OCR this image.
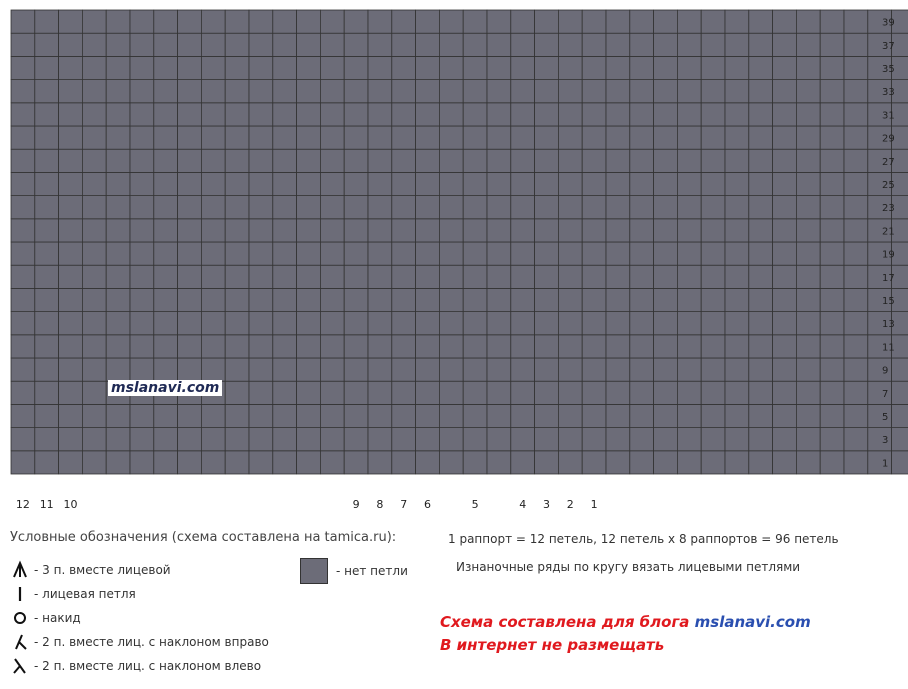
1
3
5
7
9
11
13
15
17
19
21
23
25
27
29
31
33
35
37
39
12 11 10	9 8 7 6	5	4 3 2 1
mslanavi.com
Условные обозначения (схема составлена на tamica.ru):	1 раппорт = 12 петель, 12 петель х 8 раппортов = 96 петель
Изнаночные ряды по кругу вязать лицевыми петлями
- 3 п. вместе лицевой
- лицевая петля
- накид
- 2 п. вместе лиц. с наклоном вправо
- 2 п. вместе лиц. с наклоном влево
- нет петли
Схема составлена для блога mslanavi.com
В интернет не размещать
